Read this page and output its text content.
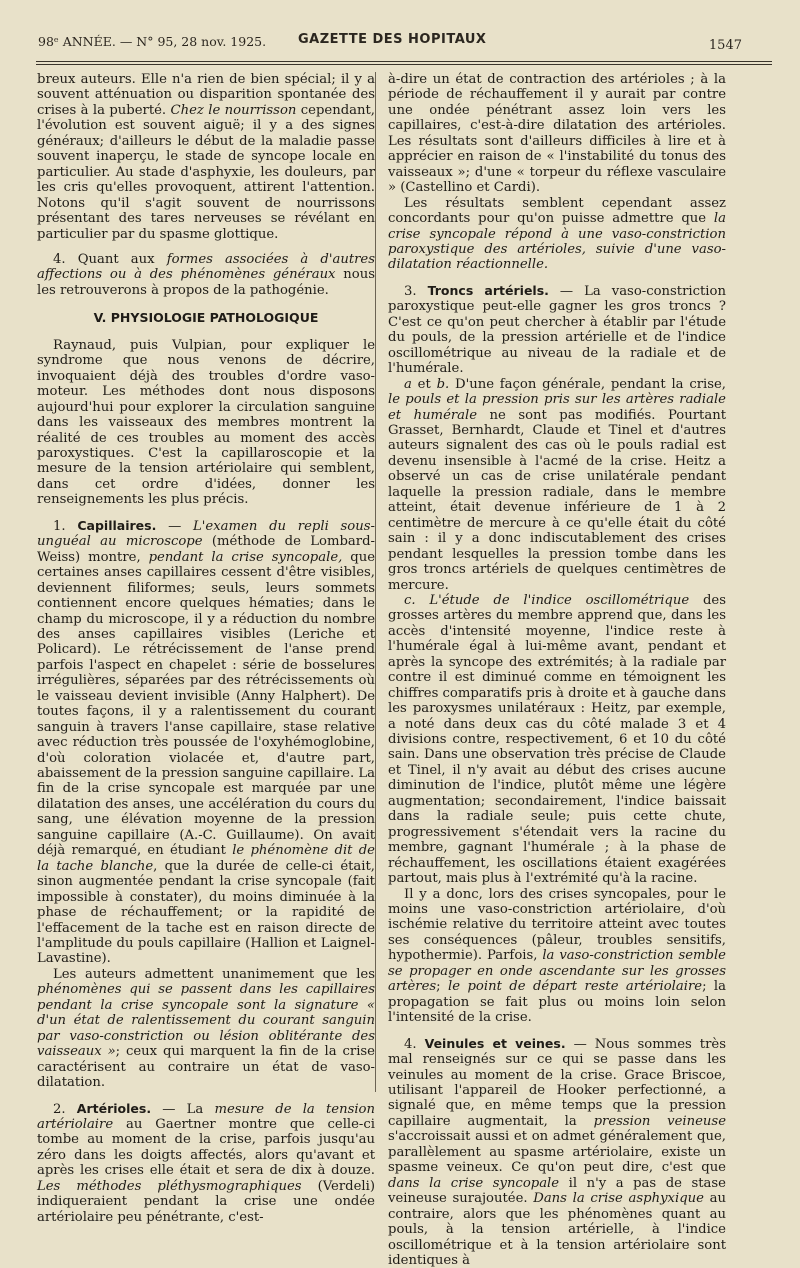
98ᵉ ANNÉE. — N° 95, 28 nov. 1925. GAZETTE DES HOPITAUX	1547

breux auteurs. Elle n'a rien de bien spécial; il y a souvent atténuation ou disparition spontanée des crises à la puberté. Chez le nourrisson cependant, l'évolution est souvent aiguë; il y a des signes généraux; d'ailleurs le début de la maladie passe souvent inaperçu, le stade de syncope locale en particulier. Au stade d'asphyxie, les douleurs, par les cris qu'elles provoquent, attirent l'attention. Notons qu'il s'agit souvent de nourrissons présentant des tares nerveuses se révélant en particulier par du spasme glottique.

4. Quant aux formes associées à d'autres affections ou à des phénomènes généraux nous les retrouverons à propos de la pathogénie.

V. PHYSIOLOGIE PATHOLOGIQUE

Raynaud, puis Vulpian, pour expliquer le syndrome que nous venons de décrire, invoquaient déjà des troubles d'ordre vaso-moteur. Les méthodes dont nous disposons aujourd'hui pour explorer la circulation sanguine dans les vaisseaux des membres montrent la réalité de ces troubles au moment des accès paroxystiques. C'est la capillaroscopie et la mesure de la tension artériolaire qui semblent, dans cet ordre d'idées, donner les renseignements les plus précis.

1. Capillaires. — L'examen du repli sous-unguéal au microscope (méthode de Lombard-Weiss) montre, pendant la crise syncopale, que certaines anses capillaires cessent d'être visibles, deviennent filiformes; seuls, leurs sommets contiennent encore quelques hématies; dans le champ du microscope, il y a réduction du nombre des anses capillaires visibles (Leriche et Policard). Le rétrécissement de l'anse prend parfois l'aspect en chapelet : série de bosselures irrégulières, séparées par des rétrécissements où le vaisseau devient invisible (Anny Halphert). De toutes façons, il y a ralentissement du courant sanguin à travers l'anse capillaire, stase relative avec réduction très poussée de l'oxyhémoglobine, d'où coloration violacée et, d'autre part, abaissement de la pression sanguine capillaire. La fin de la crise syncopale est marquée par une dilatation des anses, une accélération du cours du sang, une élévation moyenne de la pression sanguine capillaire (A.-C. Guillaume). On avait déjà remarqué, en étudiant le phénomène dit de la tache blanche, que la durée de celle-ci était, sinon augmentée pendant la crise syncopale (fait impossible à constater), du moins diminuée à la phase de réchauffement; or la rapidité de l'effacement de la tache est en raison directe de l'amplitude du pouls capillaire (Hallion et Laignel-Lavastine).

Les auteurs admettent unanimement que les phénomènes qui se passent dans les capillaires pendant la crise syncopale sont la signature « d'un état de ralentissement du courant sanguin par vaso-constriction ou lésion oblitérante des vaisseaux »; ceux qui marquent la fin de la crise caractérisent au contraire un état de vaso-dilatation.

2. Artérioles. — La mesure de la tension artériolaire au Gaertner montre que celle-ci tombe au moment de la crise, parfois jusqu'au zéro dans les doigts affectés, alors qu'avant et après les crises elle était et sera de dix à douze. Les méthodes pléthysmographiques (Verdeli) indiqueraient pendant la crise une ondée artériolaire peu pénétrante, c'est-

à-dire un état de contraction des artérioles ; à la période de réchauffement il y aurait par contre une ondée pénétrant assez loin vers les capillaires, c'est-à-dire dilatation des artérioles. Les résultats sont d'ailleurs difficiles à lire et à apprécier en raison de « l'instabilité du tonus des vaisseaux »; d'une « torpeur du réflexe vasculaire » (Castellino et Cardi).

Les résultats semblent cependant assez concordants pour qu'on puisse admettre que la crise syncopale répond à une vaso-constriction paroxystique des artérioles, suivie d'une vaso-dilatation réactionnelle.

3. Troncs artériels. — La vaso-constriction paroxystique peut-elle gagner les gros troncs ? C'est ce qu'on peut chercher à établir par l'étude du pouls, de la pression artérielle et de l'indice oscillométrique au niveau de la radiale et de l'humérale.

a et b. D'une façon générale, pendant la crise, le pouls et la pression pris sur les artères radiale et humérale ne sont pas modifiés. Pourtant Grasset, Bernhardt, Claude et Tinel et d'autres auteurs signalent des cas où le pouls radial est devenu insensible à l'acmé de la crise. Heitz a observé un cas de crise unilatérale pendant laquelle la pression radiale, dans le membre atteint, était devenue inférieure de 1 à 2 centimètre de mercure à ce qu'elle était du côté sain : il y a donc indiscutablement des crises pendant lesquelles la pression tombe dans les gros troncs artériels de quelques centimètres de mercure.

c. L'étude de l'indice oscillométrique des grosses artères du membre apprend que, dans les accès d'intensité moyenne, l'indice reste à l'humérale égal à lui-même avant, pendant et après la syncope des extrémités; à la radiale par contre il est diminué comme en témoignent les chiffres comparatifs pris à droite et à gauche dans les paroxysmes unilatéraux : Heitz, par exemple, a noté dans deux cas du côté malade 3 et 4 divisions contre, respectivement, 6 et 10 du côté sain. Dans une observation très précise de Claude et Tinel, il n'y avait au début des crises aucune diminution de l'indice, plutôt même une légère augmentation; secondairement, l'indice baissait dans la radiale seule; puis cette chute, progressivement s'étendait vers la racine du membre, gagnant l'humérale ; à la phase de réchauffement, les oscillations étaient exagérées partout, mais plus à l'extrémité qu'à la racine.

Il y a donc, lors des crises syncopales, pour le moins une vaso-constriction artériolaire, d'où ischémie relative du territoire atteint avec toutes ses conséquences (pâleur, troubles sensitifs, hypothermie). Parfois, la vaso-constriction semble se propager en onde ascendante sur les grosses artères; le point de départ reste artériolaire; la propagation se fait plus ou moins loin selon l'intensité de la crise.

4. Veinules et veines. — Nous sommes très mal renseignés sur ce qui se passe dans les veinules au moment de la crise. Grace Briscoe, utilisant l'appareil de Hooker perfectionné, a signalé que, en même temps que la pression capillaire augmentait, la pression veineuse s'accroissait aussi et on admet généralement que, parallèlement au spasme artériolaire, existe un spasme veineux. Ce qu'on peut dire, c'est que dans la crise syncopale il n'y a pas de stase veineuse surajoutée. Dans la crise asphyxique au contraire, alors que les phénomènes quant au pouls, à la tension artérielle, à l'indice oscillométrique et à la tension artériolaire sont identiques à
